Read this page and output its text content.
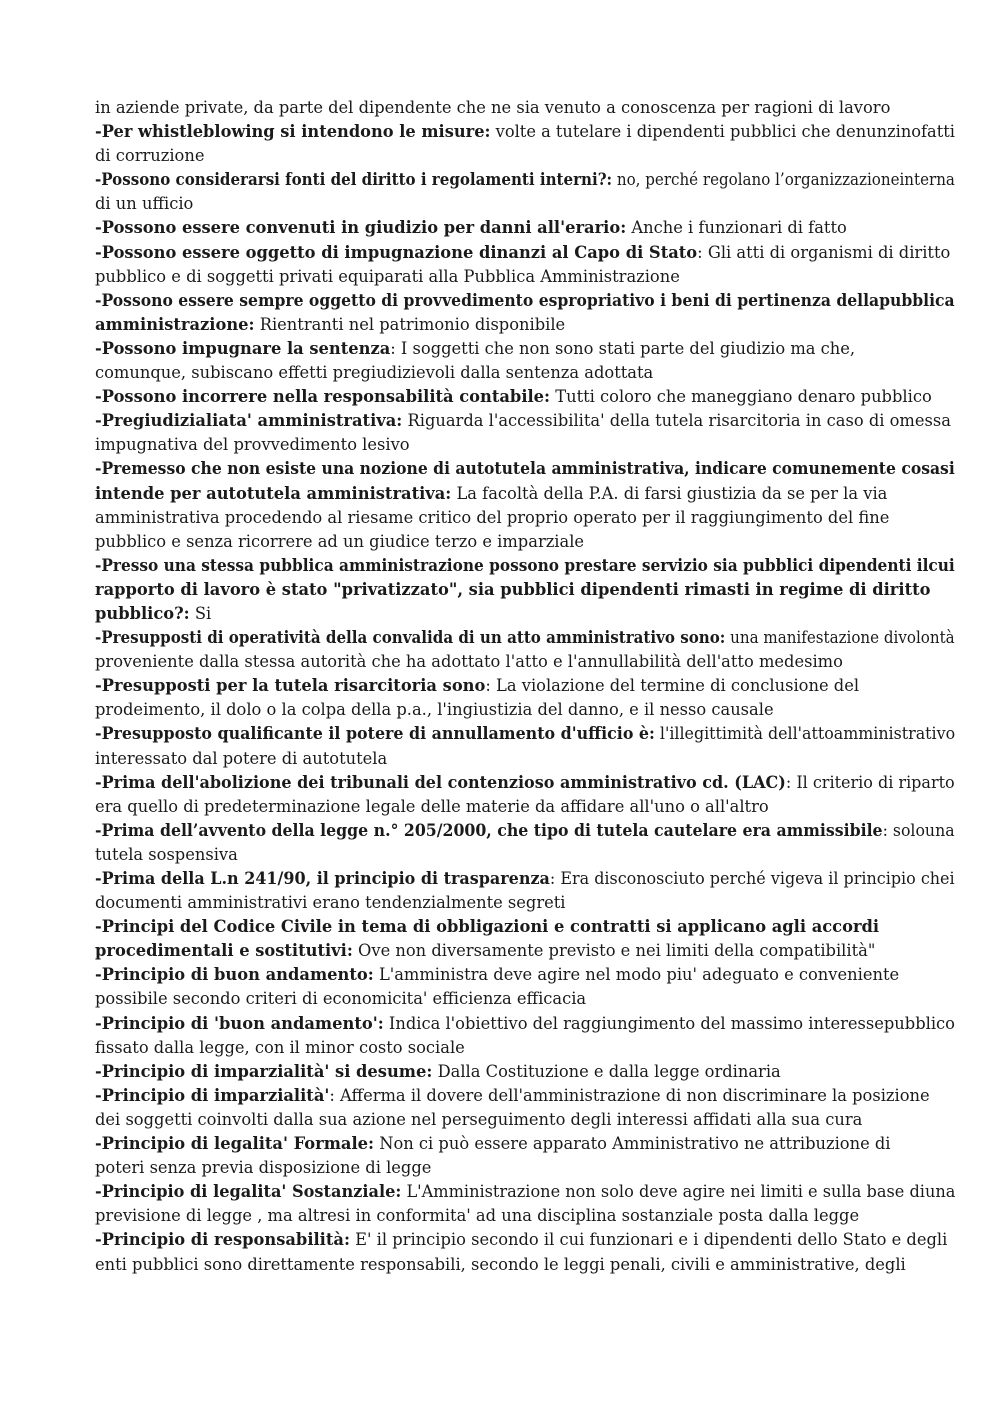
in aziende private, da parte del dipendente che ne sia venuto a conoscenza per ragioni di lavoro
-Per whistleblowing si intendono le misure: volte a tutelare i dipendenti pubblici che denunzinofatti
di corruzione
-Possono considerarsi fonti del diritto i regolamenti interni?: no, perché regolano l’organizzazioneinterna
di un ufficio
-Possono essere convenuti in giudizio per danni all'erario: Anche i funzionari di fatto
-Possono essere oggetto di impugnazione dinanzi al Capo di Stato: Gli atti di organismi di diritto
pubblico e di soggetti privati equiparati alla Pubblica Amministrazione
-Possono essere sempre oggetto di provvedimento espropriativo i beni di pertinenza dellapubblica
amministrazione: Rientranti nel patrimonio disponibile
-Possono impugnare la sentenza: I soggetti che non sono stati parte del giudizio ma che,
comunque, subiscano effetti pregiudizievoli dalla sentenza adottata
-Possono incorrere nella responsabilità contabile: Tutti coloro che maneggiano denaro pubblico
-Pregiudizialiata' amministrativa: Riguarda l'accessibilita' della tutela risarcitoria in caso di omessa
impugnativa del provvedimento lesivo
-Premesso che non esiste una nozione di autotutela amministrativa, indicare comunemente cosasi
intende per autotutela amministrativa: La facoltà della P.A. di farsi giustizia da se per la via
amministrativa procedendo al riesame critico del proprio operato per il raggiungimento del fine
pubblico e senza ricorrere ad un giudice terzo e imparziale
-Presso una stessa pubblica amministrazione possono prestare servizio sia pubblici dipendenti ilcui
rapporto di lavoro è stato "privatizzato", sia pubblici dipendenti rimasti in regime di diritto
pubblico?: Si
-Presupposti di operatività della convalida di un atto amministrativo sono: una manifestazione divolontà
proveniente dalla stessa autorità che ha adottato l'atto e l'annullabilità dell'atto medesimo
-Presupposti per la tutela risarcitoria sono: La violazione del termine di conclusione del
prodeimento, il dolo o la colpa della p.a., l'ingiustizia del danno, e il nesso causale
-Presupposto qualificante il potere di annullamento d'ufficio è: l'illegittimità dell'attoamministrativo
interessato dal potere di autotutela
-Prima dell'abolizione dei tribunali del contenzioso amministrativo cd. (LAC): Il criterio di riparto
era quello di predeterminazione legale delle materie da affidare all'uno o all'altro
-Prima dell’avvento della legge n.° 205/2000, che tipo di tutela cautelare era ammissibile: solouna
tutela sospensiva
-Prima della L.n 241/90, il principio di trasparenza: Era disconosciuto perché vigeva il principio chei
documenti amministrativi erano tendenzialmente segreti
-Principi del Codice Civile in tema di obbligazioni e contratti si applicano agli accordi
procedimentali e sostitutivi: Ove non diversamente previsto e nei limiti della compatibilità"
-Principio di buon andamento: L'amministra deve agire nel modo piu' adeguato e conveniente
possibile secondo criteri di economicita' efficienza efficacia
-Principio di 'buon andamento': Indica l'obiettivo del raggiungimento del massimo interessepubblico
fissato dalla legge, con il minor costo sociale
-Principio di imparzialità' si desume: Dalla Costituzione e dalla legge ordinaria
-Principio di imparzialità': Afferma il dovere dell'amministrazione di non discriminare la posizione
dei soggetti coinvolti dalla sua azione nel perseguimento degli interessi affidati alla sua cura
-Principio di legalita' Formale: Non ci può essere apparato Amministrativo ne attribuzione di
poteri senza previa disposizione di legge
-Principio di legalita' Sostanziale: L'Amministrazione non solo deve agire nei limiti e sulla base diuna
previsione di legge , ma altresi in conformita' ad una disciplina sostanziale posta dalla legge
-Principio di responsabilità: E' il principio secondo il cui funzionari e i dipendenti dello Stato e degli
enti pubblici sono direttamente responsabili, secondo le leggi penali, civili e amministrative, degli
